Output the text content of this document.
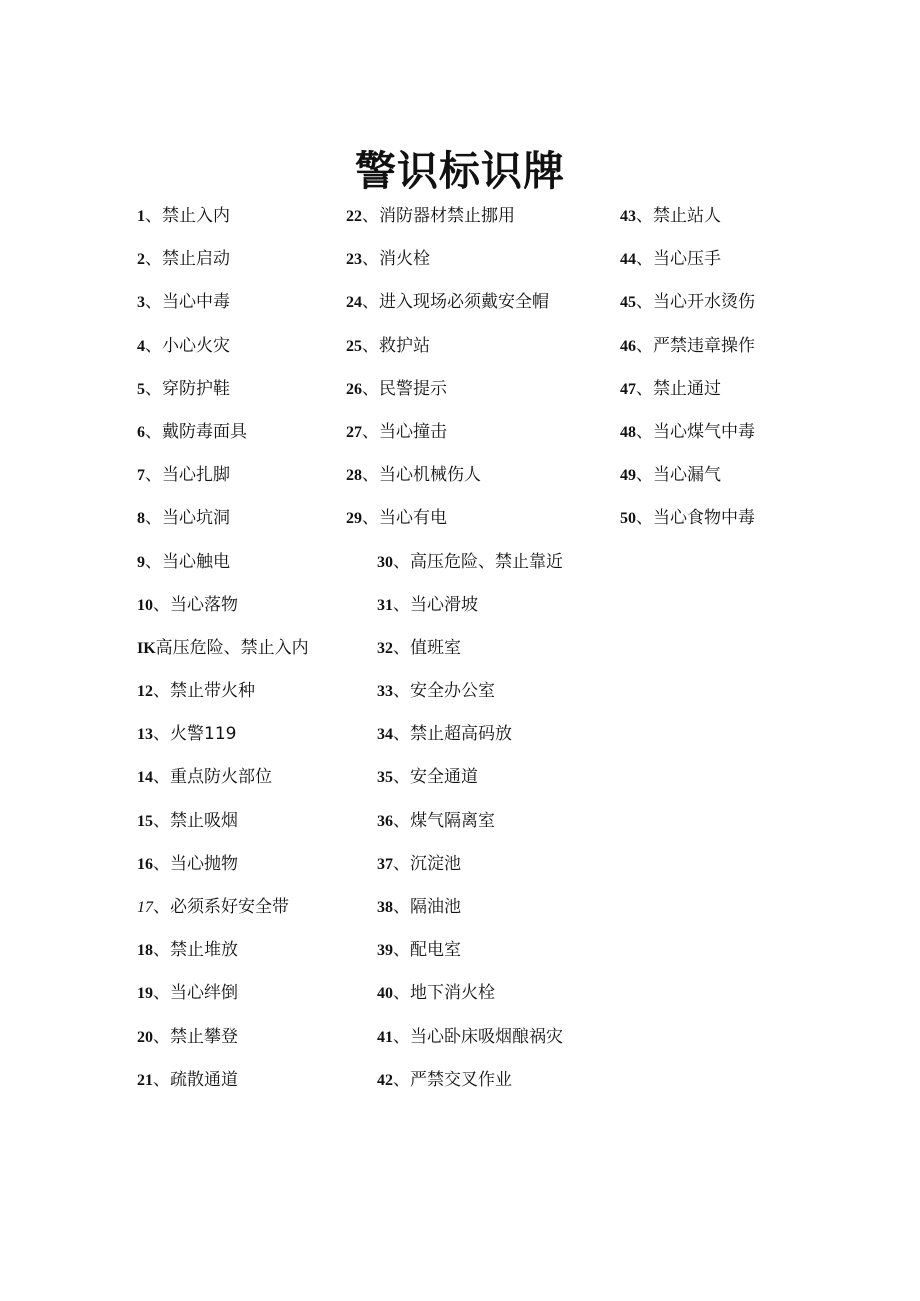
警识标识牌
1、禁止入内
2、禁止启动
3、当心中毒
4、小心火灾
5、穿防护鞋
6、戴防毒面具
7、当心扎脚
8、当心坑洞
9、当心触电
10、当心落物
IK高压危险、禁止入内
12、禁止带火种
13、火警119
14、重点防火部位
15、禁止吸烟
16、当心抛物
17、必须系好安全带
18、禁止堆放
19、当心绊倒
20、禁止攀登
21、疏散通道
22、消防器材禁止挪用
23、消火栓
24、进入现场必须戴安全帽
25、救护站
26、民警提示
27、当心撞击
28、当心机械伤人
29、当心有电
30、高压危险、禁止靠近
31、当心滑坡
32、值班室
33、安全办公室
34、禁止超高码放
35、安全通道
36、煤气隔离室
37、沉淀池
38、隔油池
39、配电室
40、地下消火栓
41、当心卧床吸烟酿祸灾
42、严禁交叉作业
43、禁止站人
44、当心压手
45、当心开水烫伤
46、严禁违章操作
47、禁止通过
48、当心煤气中毒
49、当心漏气
50、当心食物中毒
